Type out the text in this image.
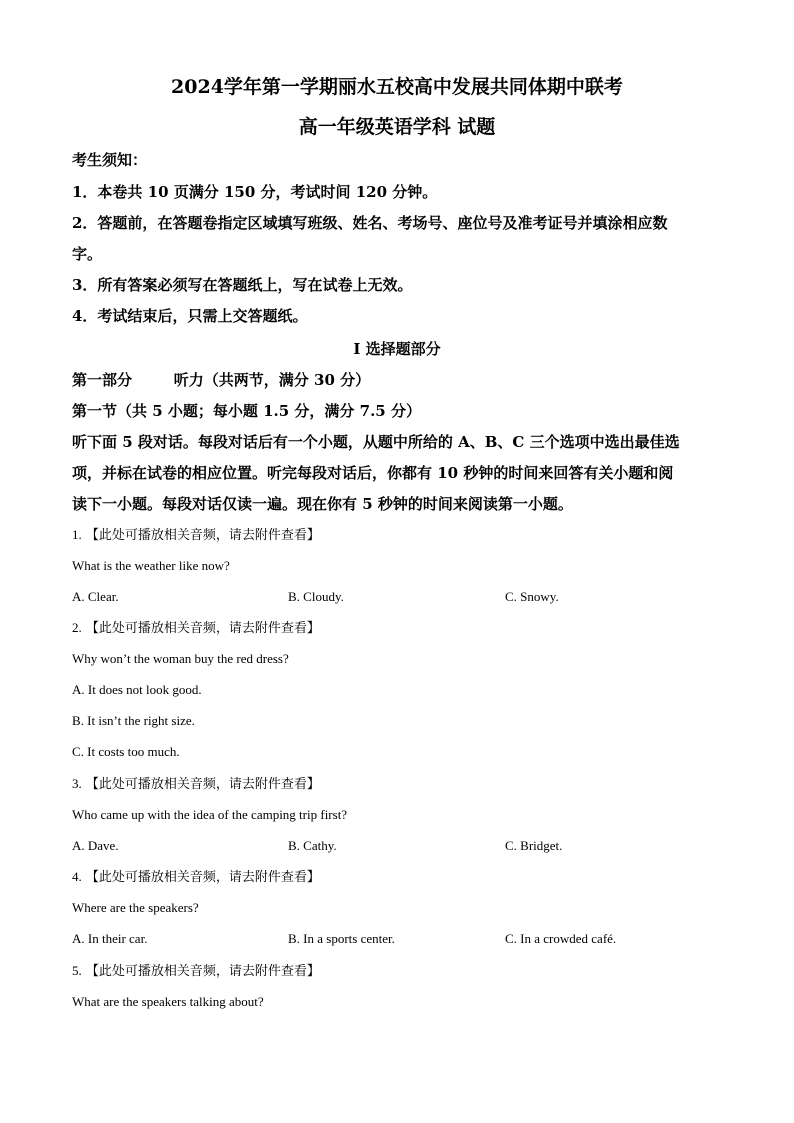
2024学年第一学期丽水五校高中发展共同体期中联考
高一年级英语学科 试题
考生须知：
1．本卷共 10 页满分 150 分，考试时间 120 分钟。
2．答题前，在答题卷指定区域填写班级、姓名、考场号、座位号及准考证号并填涂相应数
字。
3．所有答案必须写在答题纸上，写在试卷上无效。
4．考试结束后，只需上交答题纸。
I 选择题部分
第一部分        听力（共两节，满分 30 分）
第一节（共 5 小题；每小题 1.5 分，满分 7.5 分）
听下面 5 段对话。每段对话后有一个小题，从题中所给的 A、B、C 三个选项中选出最佳选
项，并标在试卷的相应位置。听完每段对话后，你都有 10 秒钟的时间来回答有关小题和阅
读下一小题。每段对话仅读一遍。现在你有 5 秒钟的时间来阅读第一小题。
1. 【此处可播放相关音频，请去附件查看】
What is the weather like now?
A. Clear.	B. Cloudy.	C. Snowy.
2. 【此处可播放相关音频，请去附件查看】
Why won’t the woman buy the red dress?
A. It does not look good.
B. It isn’t the right size.
C. It costs too much.
3. 【此处可播放相关音频，请去附件查看】
Who came up with the idea of the camping trip first?
A. Dave.	B. Cathy.	C. Bridget.
4. 【此处可播放相关音频，请去附件查看】
Where are the speakers?
A. In their car.	B. In a sports center.	C. In a crowded café.
5. 【此处可播放相关音频，请去附件查看】
What are the speakers talking about?
